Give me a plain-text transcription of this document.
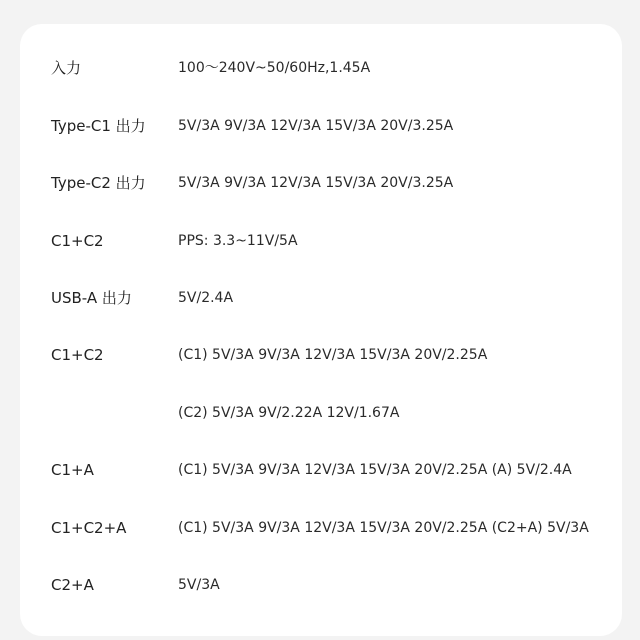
入力	100〜240V~50/60Hz,1.45A
Type-C1 出力 5V/3A 9V/3A 12V/3A 15V/3A 20V/3.25A
Type-C2 出力 5V/3A 9V/3A 12V/3A 15V/3A 20V/3.25A
C1+C2	PPS: 3.3~11V/5A
USB-A 出力	5V/2.4A
C1+C2	(C1) 5V/3A 9V/3A 12V/3A 15V/3A 20V/2.25A
(C2) 5V/3A 9V/2.22A 12V/1.67A
C1+A	(C1) 5V/3A 9V/3A 12V/3A 15V/3A 20V/2.25A (A) 5V/2.4A
C1+C2+A	(C1) 5V/3A 9V/3A 12V/3A 15V/3A 20V/2.25A (C2+A) 5V/3A
C2+A	5V/3A
